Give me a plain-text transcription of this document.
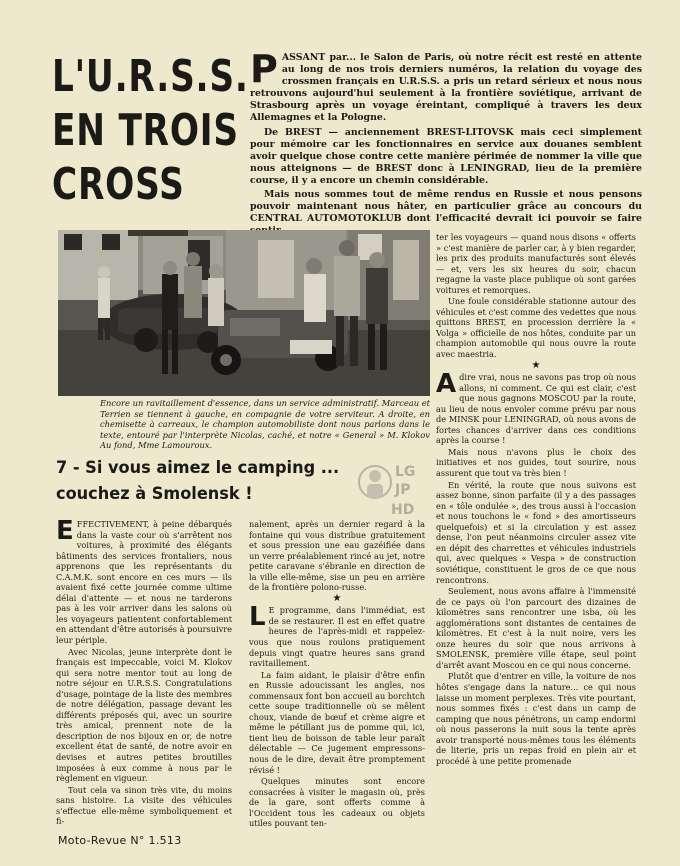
L'U.R.S.S.
EN TROIS
CROSS

PASSANT par... le Salon de Paris, où notre récit est resté en attente au long de nos trois derniers numéros, la relation du voyage des crossmen français en U.R.S.S. a pris un retard sérieux et nous nous retrouvons aujourd'hui seulement à la frontière soviétique, arrivant de Strasbourg après un voyage éreintant, compliqué à travers les deux Allemagnes et la Pologne.

De BREST — anciennement BREST-LITOVSK mais ceci simplement pour mémoire car les fonctionnaires en service aux douanes semblent avoir quelque chose contre cette manière périmée de nommer la ville que nous atteignons — de BREST donc à LENINGRAD, lieu de la première course, il y a encore un chemin considérable.

Mais nous sommes tout de même rendus en Russie et nous pensons pouvoir maintenant nous hâter, en particulier grâce au concours du CENTRAL AUTOMOTOKLUB dont l'efficacité devrait ici pouvoir se faire

Encore un ravitaillement d'essence, dans un service administratif. Marceau et Terrien se tiennent à gauche, en compagnie de votre serviteur. A droite, en chemisette à carreaux, le champion automobiliste dont nous parlons dans le texte, entouré par l'interprète Nicolas, caché, et notre « General » M. Klokov Au fond, Mme Lamouroux.

7 - Si vous aimez le camping ...
couchez à Smolensk !
LG
JP
HD

EFFECTIVEMENT, à peine débarqués dans la vaste cour où s'arrêtent nos voitures, à proximité des élégants bâtiments des services frontaliers, nous apprenons que les représentants du C.A.M.K. sont encore en ces murs — ils avaient fixé cette journée comme ultime délai d'attente — et nous ne tarderons pas à les voir arriver dans les salons où les voyageurs patientent confortablement en attendant d'être autorisés à poursuivre leur périple.

Avec Nicolas, jeune interprète dont le français est impeccable, voici M. Klokov qui sera notre mentor tout au long de notre séjour en U.R.S.S. Congratulations d'usage, pointage de la liste des membres de notre délégation, passage devant les différents préposés qui, avec un sourire très amical, prennent note de la description de nos bijoux en or, de notre excellent état de santé, de notre avoir en devises et autres petites broutilles imposées à eux comme à nous par le règlement en vigueur.

Tout cela va sinon très vite, du moins sans histoire. La visite des véhicules s'effectue elle-même symboliquement et fi-

nalement, après un dernier regard à la fontaine qui vous distribue gratuitement et sous pression une eau gazéifiée dans un verre préalablement rincé au jet, notre petite caravane s'ébranle en direction de la ville elle-même, sise un peu en arrière de la frontière polono-russe.

★

L E programme, dans l'immédiat, est de se restaurer. Il est en effet quatre heures de l'après-midi et rappelez-vous que nous roulons pratiquement depuis vingt quatre heures sans grand ravitaillement.

La faim aidant, le plaisir d'être enfin en Russie adoucissant les angles, nos commensaux font bon accueil au borchtch cette soupe traditionnelle où se mêlent choux, viande de bœuf et crème aigre et même le pétillant jus de pomme qui, ici, tient lieu de boisson de table leur paraît délectable — Ce jugement empressons-nous de le dire, devait être promptement révisé !

Quelques minutes sont encore consacrées à visiter le magasin où, près de la gare, sont offerts comme à l'Occident tous les cadeaux ou objets utiles pouvant ten-

ter les voyageurs — quand nous disons « offerts » c'est manière de parler car, à y bien regarder, les prix des produits manufacturés sont élevés — et, vers les six heures du soir, chacun regagne la vaste place publique où sont garées voitures et remorques.

Une foule considérable stationne autour des véhicules et c'est comme des vedettes que nous quittons BREST, en procession derrière la « Volga » officielle de nos hôtes, conduite par un champion automobile qui nous ouvre la route avec maestria.

★

A dire vrai, nous ne savons pas trop où nous allons, ni comment. Ce qui est clair, c'est que nous gagnons MOSCOU par la route, au lieu de nous envoler comme prévu par nous de MINSK pour LENINGRAD, où nous avons de fortes chances d'arriver dans ces conditions après la course !

Mais nous n'avons plus le choix des initiatives et nos guides, tout sourire, nous assurent que tout va très bien !

En vérité, la route que nous suivons est assez bonne, sinon parfaite (il y a des passages en « tôle ondulée », des trous aussi à l'occasion et nous touchons le « fond » des amortisseurs quelquefois) et si la circulation y est assez dense, l'on peut néanmoins circuler assez vite en dépit des charrettes et véhicules industriels qui, avec quelques « Vespa » de construction soviétique, constituent le gros de ce que nous rencontrons.

Seulement, nous avons affaire à l'immensité de ce pays où l'on parcourt des dizaines de kilomètres sans rencontrer une isba, où les agglomérations sont distantes de centaines de kilomètres. Et c'est à la nuit noire, vers les onze heures du soir que nous arrivons à SMOLENSK, première ville étape, seul point d'arrêt avant Moscou en ce qui nous concerne.

Plutôt que d'entrer en ville, la voiture de nos hôtes s'engage dans la nature... ce qui nous laisse un moment perplexes. Très vite pourtant, nous sommes fixés : c'est dans un camp de camping que nous pénétrons, un camp endormi où nous passerons la nuit sous la tente après avoir transporté nous-mêmes tous les éléments de literie, pris un repas froid en plein air et procédé à une petite promenade

Moto-Revue N° 1.513
